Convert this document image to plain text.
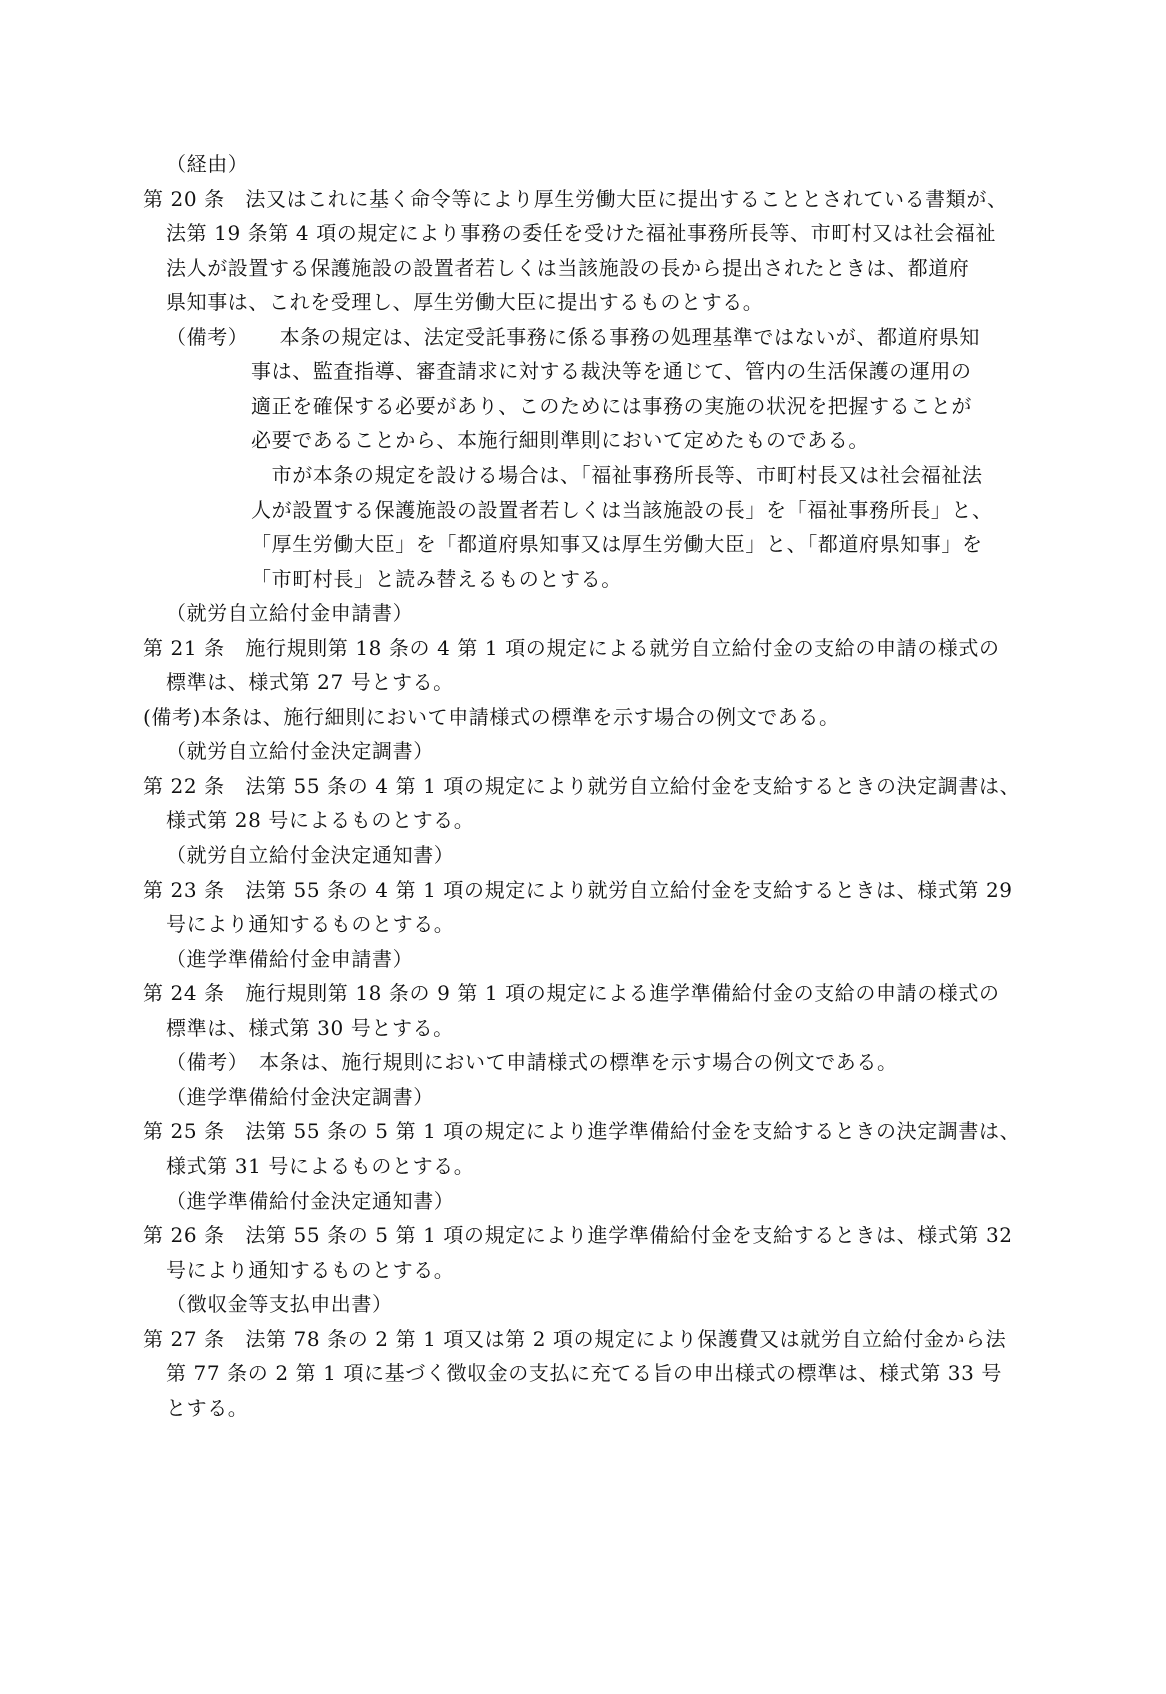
（経由）
第 20 条　法又はこれに基く命令等により厚生労働大臣に提出することとされている書類が、
法第 19 条第 4 項の規定により事務の委任を受けた福祉事務所長等、市町村又は社会福祉
法人が設置する保護施設の設置者若しくは当該施設の長から提出されたときは、都道府
県知事は、これを受理し、厚生労働大臣に提出するものとする。
（備考）　　本条の規定は、法定受託事務に係る事務の処理基準ではないが、都道府県知
事は、監査指導、審査請求に対する裁決等を通じて、管内の生活保護の運用の
適正を確保する必要があり、このためには事務の実施の状況を把握することが
必要であることから、本施行細則準則において定めたものである。
　市が本条の規定を設ける場合は、「福祉事務所長等、市町村長又は社会福祉法
人が設置する保護施設の設置者若しくは当該施設の長」を「福祉事務所長」と、
「厚生労働大臣」を「都道府県知事又は厚生労働大臣」と、「都道府県知事」を
「市町村長」と読み替えるものとする。
（就労自立給付金申請書）
第 21 条　施行規則第 18 条の 4 第 1 項の規定による就労自立給付金の支給の申請の様式の
標準は、様式第 27 号とする。
(備考)本条は、施行細則において申請様式の標準を示す場合の例文である。
（就労自立給付金決定調書）
第 22 条　法第 55 条の 4 第 1 項の規定により就労自立給付金を支給するときの決定調書は、
様式第 28 号によるものとする。
（就労自立給付金決定通知書）
第 23 条　法第 55 条の 4 第 1 項の規定により就労自立給付金を支給するときは、様式第 29
号により通知するものとする。
（進学準備給付金申請書）
第 24 条　施行規則第 18 条の 9 第 1 項の規定による進学準備給付金の支給の申請の様式の
標準は、様式第 30 号とする。
（備考）　本条は、施行規則において申請様式の標準を示す場合の例文である。
（進学準備給付金決定調書）
第 25 条　法第 55 条の 5 第 1 項の規定により進学準備給付金を支給するときの決定調書は、
様式第 31 号によるものとする。
（進学準備給付金決定通知書）
第 26 条　法第 55 条の 5 第 1 項の規定により進学準備給付金を支給するときは、様式第 32
号により通知するものとする。
（徴収金等支払申出書）
第 27 条　法第 78 条の 2 第 1 項又は第 2 項の規定により保護費又は就労自立給付金から法
第 77 条の 2 第 1 項に基づく徴収金の支払に充てる旨の申出様式の標準は、様式第 33 号
とする。
